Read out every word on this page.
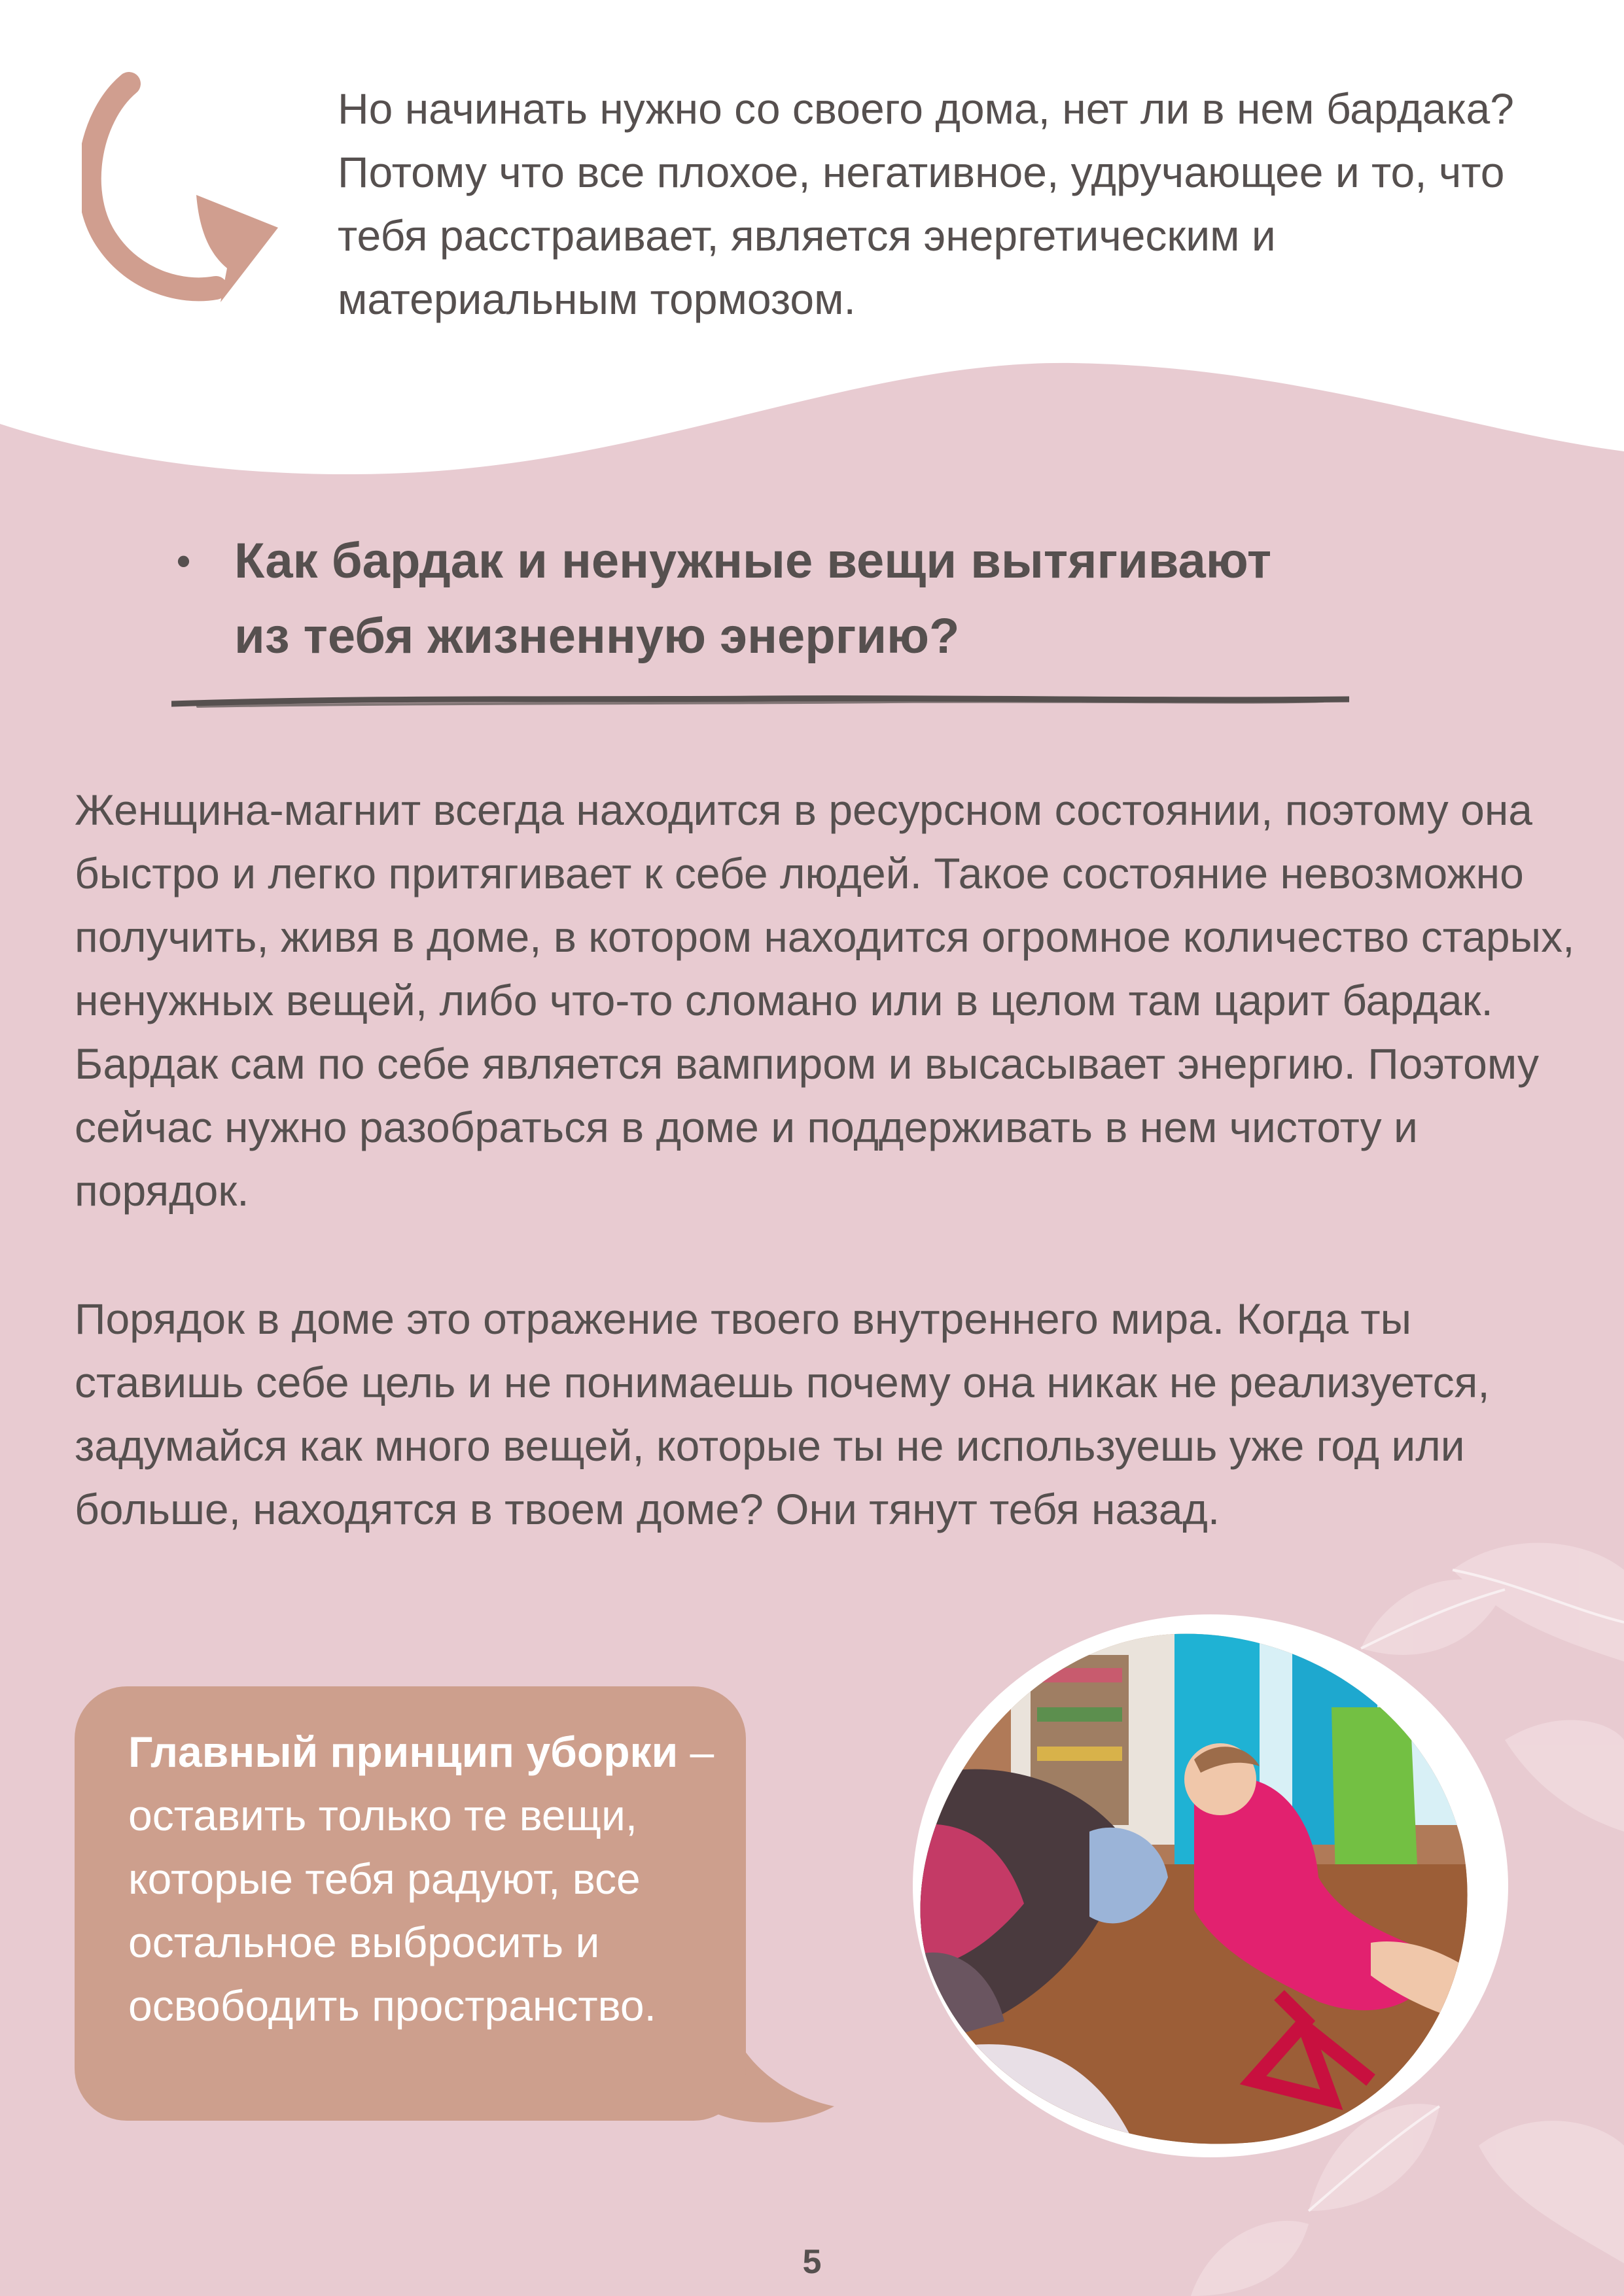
Но начинать нужно со своего дома, нет ли в нем бардака? Потому что все плохое, негативное, удручающее и то, что тебя расстраивает, является энергетическим и материальным тормозом.

• Как бардак и ненужные вещи вытягивают
из тебя жизненную энергию?

Женщина-магнит всегда находится в ресурсном состоянии, поэтому она быстро и легко притягивает к себе людей. Такое состояние невозможно получить, живя в доме, в котором находится огромное количество старых, ненужных вещей, либо что-то сломано или в целом там царит бардак. Бардак сам по себе является вампиром и высасывает энергию. Поэтому сейчас нужно разобраться в доме и поддерживать в нем чистоту и порядок.

Порядок в доме это отражение твоего внутреннего мира. Когда ты ставишь себе цель и не понимаешь почему она никак не реализуется, задумайся как много вещей, которые ты не используешь уже год или больше, находятся в твоем доме? Они тянут тебя назад.

Главный принцип уборки – оставить только те вещи, которые тебя радуют, все остальное выбросить и освободить пространство.

5
